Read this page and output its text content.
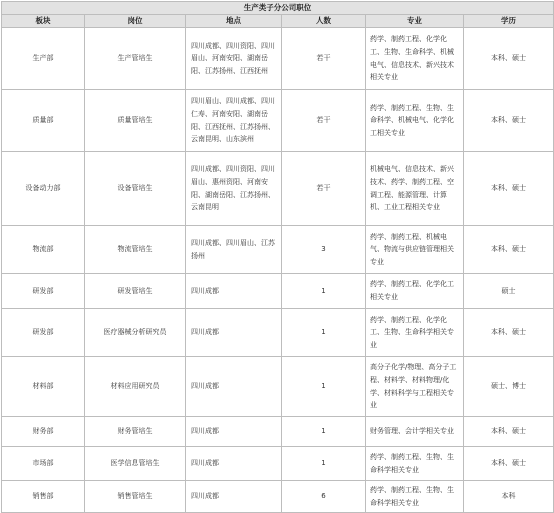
生产类子分公司职位					
板块	岗位	地点	人数	专业	学历
生产部	生产管培生	四川成都、四川资阳、四川眉山、河南安阳、湖南岳阳、江苏扬州、江西抚州	若干	药学、制药工程、化学化工、生物、生命科学、机械电气、信息技术、新兴技术相关专业	本科、硕士
质量部	质量管培生	四川眉山、四川成都、四川仁寿、河南安阳、湖南岳阳、江西抚州、江苏扬州、云南昆明、山东滨州	若干	药学、制药工程、生物、生命科学、机械电气、化学化工相关专业	本科、硕士
设备动力部	设备管培生	四川成都、四川资阳、四川眉山、惠州资阳、河南安阳、湖南岳阳、江苏扬州、云南昆明	若干	机械电气、信息技术、新兴技术、药学、制药工程、空调工程、能源管理、计算机、工业工程相关专业	本科、硕士
物流部	物流管培生	四川成都、四川眉山、江苏扬州	3	药学、制药工程、机械电气、物流与供应链管理相关专业	本科、硕士
研发部	研发管培生	四川成都	1	药学、制药工程、化学化工相关专业	硕士
研发部	医疗器械分析研究员	四川成都	1	药学、制药工程、化学化工、生物、生命科学相关专业	本科、硕士
材料部	材料应用研究员	四川成都	1	高分子化学/物理、高分子工程、材料学、材料物理/化学、材料科学与工程相关专业	硕士、博士
财务部	财务管培生	四川成都	1	财务管理、会计学相关专业	本科、硕士
市场部	医学信息管培生	四川成都	1	药学、制药工程、生物、生命科学相关专业	本科、硕士
销售部	销售管培生	四川成都	6	药学、制药工程、生物、生命科学相关专业	本科
